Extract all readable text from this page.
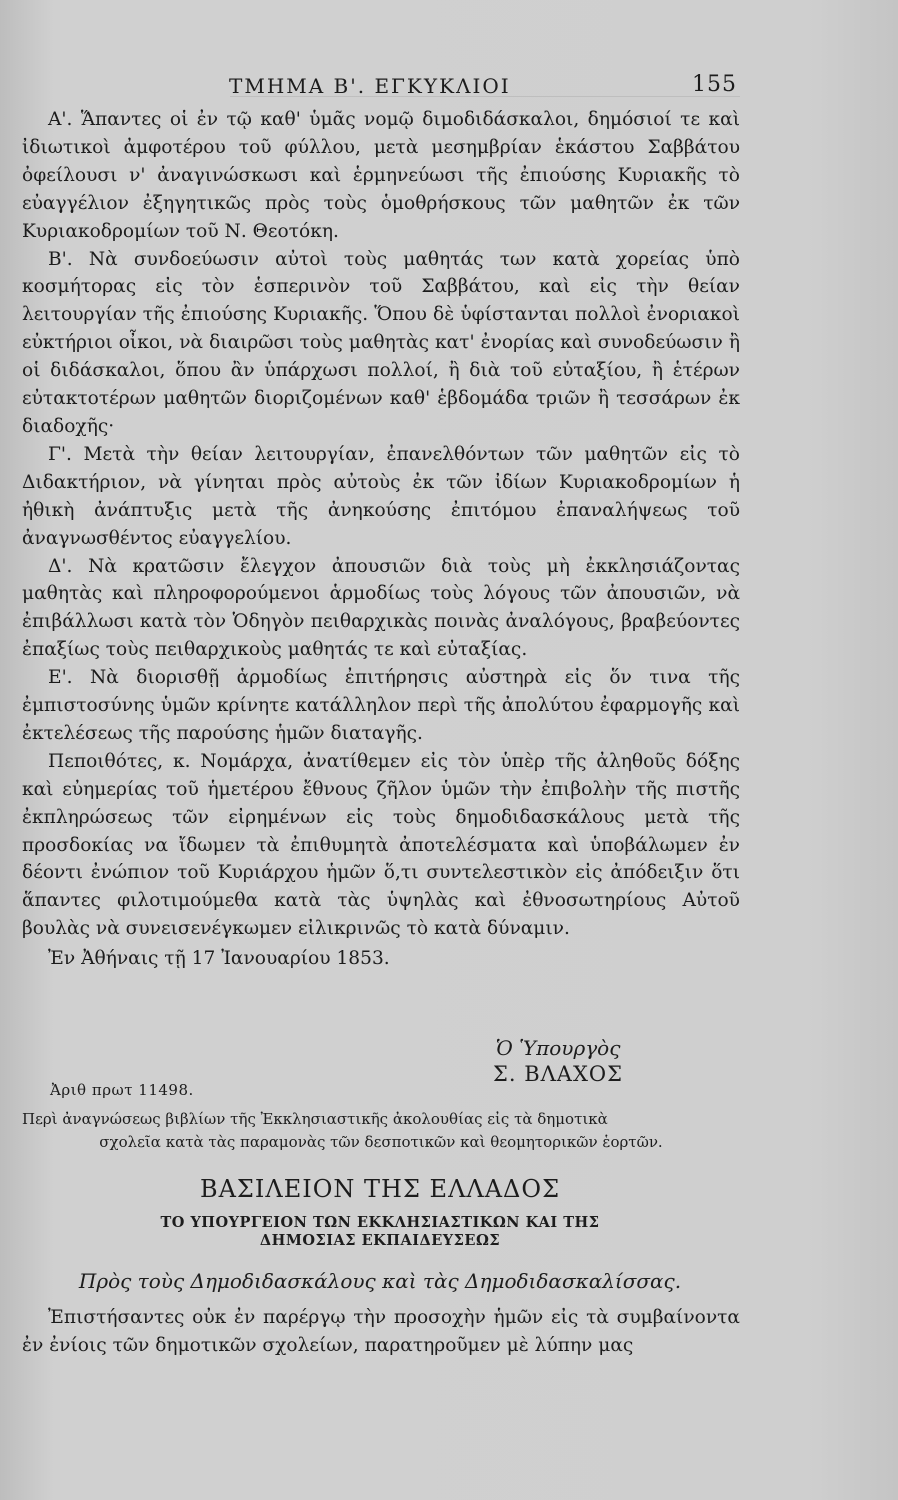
ΤΜΗΜΑ Β'. ΕΓΚΥΚΛΙΟΙ	155

Α'. Ἅπαντες οἱ ἐν τῷ καθ' ὑμᾶς νομῷ διμοδιδάσκαλοι, δημόσιοί τε καὶ ἰδιωτικοὶ ἀμφοτέρου τοῦ φύλλου, μετὰ μεσημβρίαν ἑκάστου Σαββάτου ὀφείλουσι ν' ἀναγινώσκωσι καὶ ἑρμηνεύωσι τῆς ἐπιούσης Κυριακῆς τὸ εὐαγγέλιον ἐξηγητικῶς πρὸς τοὺς ὁμοθρήσκους τῶν μαθητῶν ἐκ τῶν Κυριακοδρομίων τοῦ Ν. Θεοτόκη.

Β'. Νὰ συνδοεύωσιν αὐτοὶ τοὺς μαθητάς των κατὰ χορείας ὑπὸ κοσμήτορας εἰς τὸν ἑσπερινὸν τοῦ Σαββάτου, καὶ εἰς τὴν θείαν λειτουργίαν τῆς ἐπιούσης Κυριακῆς. Ὅπου δὲ ὑφίστανται πολλοὶ ἐνοριακοὶ εὐκτήριοι οἶκοι, νὰ διαιρῶσι τοὺς μαθητὰς κατ' ἐνορίας καὶ συνοδεύωσιν ἢ οἱ διδάσκαλοι, ὅπου ἂν ὑπάρχωσι πολλοί, ἢ διὰ τοῦ εὐταξίου, ἢ ἑτέρων εὐτακτοτέρων μαθητῶν διοριζομένων καθ' ἑβδομάδα τριῶν ἢ τεσσάρων ἐκ διαδοχῆς·

Γ'. Μετὰ τὴν θείαν λειτουργίαν, ἐπανελθόντων τῶν μαθητῶν εἰς τὸ Διδακτήριον, νὰ γίνηται πρὸς αὐτοὺς ἐκ τῶν ἰδίων Κυριακοδρομίων ἡ ἠθικὴ ἀνάπτυξις μετὰ τῆς ἀνηκούσης ἐπιτόμου ἐπαναλήψεως τοῦ ἀναγνωσθέντος εὐαγγελίου.

Δ'. Νὰ κρατῶσιν ἔλεγχον ἀπουσιῶν διὰ τοὺς μὴ ἐκκλησιάζοντας μαθητὰς καὶ πληροφορούμενοι ἁρμοδίως τοὺς λόγους τῶν ἀπουσιῶν, νὰ ἐπιβάλλωσι κατὰ τὸν Ὁδηγὸν πειθαρχικὰς ποινὰς ἀναλόγους, βραβεύοντες ἐπαξίως τοὺς πειθαρχικοὺς μαθητάς τε καὶ εὐταξίας.

Ε'. Νὰ διορισθῇ ἁρμοδίως ἐπιτήρησις αὐστηρὰ εἰς ὅν τινα τῆς ἐμπιστοσύνης ὑμῶν κρίνητε κατάλληλον περὶ τῆς ἀπολύτου ἐφαρμογῆς καὶ ἐκτελέσεως τῆς παρούσης ἡμῶν διαταγῆς.

Πεποιθότες, κ. Νομάρχα, ἀνατίθεμεν εἰς τὸν ὑπὲρ τῆς ἀληθοῦς δόξης καὶ εὐημερίας τοῦ ἡμετέρου ἔθνους ζῆλον ὑμῶν τὴν ἐπιβολὴν τῆς πιστῆς ἐκπληρώσεως τῶν εἰρημένων εἰς τοὺς δημοδιδασκάλους μετὰ τῆς προσδοκίας να ἴδωμεν τὰ ἐπιθυμητὰ ἀποτελέσματα καὶ ὑποβάλωμεν ἐν δέοντι ἐνώπιον τοῦ Κυριάρχου ἡμῶν ὅ,τι συντελεστικὸν εἰς ἀπόδειξιν ὅτι ἅπαντες φιλοτιμούμεθα κατὰ τὰς ὑψηλὰς καὶ ἐθνοσωτηρίους Αὐτοῦ βουλὰς νὰ συνεισενέγκωμεν εἰλικρινῶς τὸ κατὰ δύναμιν.

Ἐν Ἀθήναις τῇ 17 Ἰανουαρίου 1853.

Ὁ Ὑπουργὸς
Σ. ΒΛΑΧΟΣ
Ἀριθ πρωτ 11498.
Περὶ ἀναγνώσεως βιβλίων τῆς Ἐκκλησιαστικῆς ἀκολουθίας εἰς τὰ δημοτικὰ
σχολεῖα κατὰ τὰς παραμονὰς τῶν δεσποτικῶν καὶ θεομητορικῶν ἑορτῶν.
ΒΑΣΙΛΕΙΟΝ ΤΗΣ ΕΛΛΑΔΟΣ
ΤΟ ΥΠΟΥΡΓΕΙΟΝ ΤΩΝ ΕΚΚΛΗΣΙΑΣΤΙΚΩΝ ΚΑΙ ΤΗΣ
ΔΗΜΟΣΙΑΣ ΕΚΠΑΙΔΕΥΣΕΩΣ
Πρὸς τοὺς Δημοδιδασκάλους καὶ τὰς Δημοδιδασκαλίσσας.

Ἐπιστήσαντες οὐκ ἐν παρέργῳ τὴν προσοχὴν ἡμῶν εἰς τὰ συμβαίνοντα ἐν ἐνίοις τῶν δημοτικῶν σχολείων, παρατηροῦμεν μὲ λύπην μας
